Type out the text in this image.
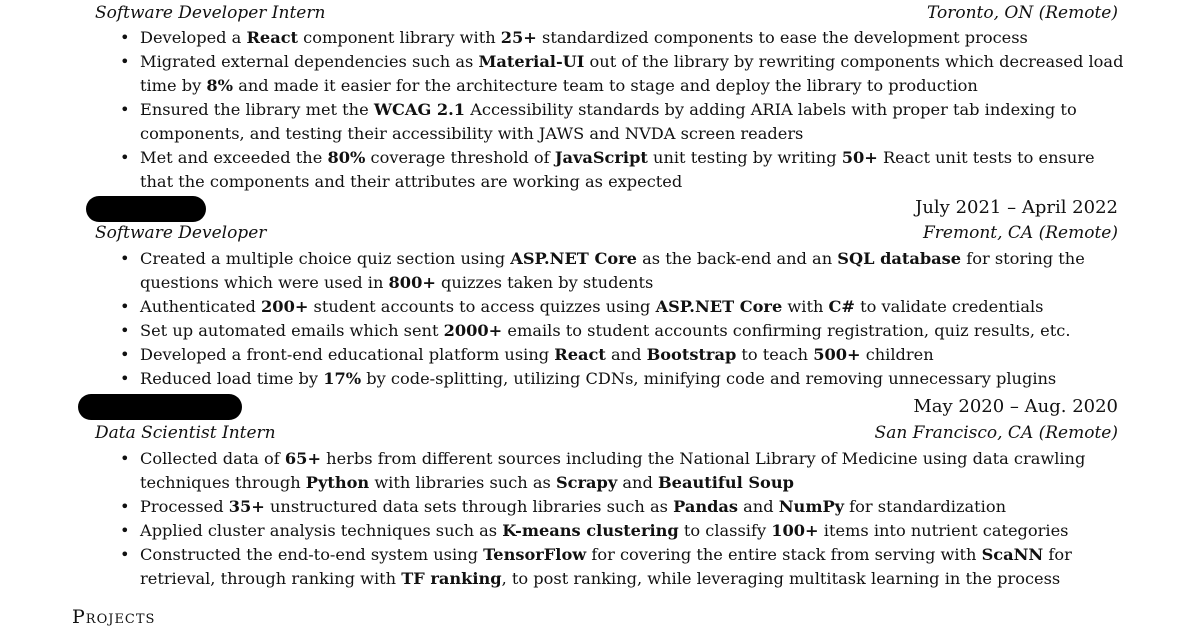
Software Developer Intern	Toronto, ON (Remote)
• Developed a React component library with 25+ standardized components to ease the development process
• Migrated external dependencies such as Material-UI out of the library by rewriting components which decreased load time by 8% and made it easier for the architecture team to stage and deploy the library to production
• Ensured the library met the WCAG 2.1 Accessibility standards by adding ARIA labels with proper tab indexing to components, and testing their accessibility with JAWS and NVDA screen readers
• Met and exceeded the 80% coverage threshold of JavaScript unit testing by writing 50+ React unit tests to ensure that the components and their attributes are working as expected
July 2021 – April 2022
Software Developer	Fremont, CA (Remote)
• Created a multiple choice quiz section using ASP.NET Core as the back-end and an SQL database for storing the questions which were used in 800+ quizzes taken by students
• Authenticated 200+ student accounts to access quizzes using ASP.NET Core with C# to validate credentials
• Set up automated emails which sent 2000+ emails to student accounts confirming registration, quiz results, etc.
• Developed a front-end educational platform using React and Bootstrap to teach 500+ children
• Reduced load time by 17% by code-splitting, utilizing CDNs, minifying code and removing unnecessary plugins
May 2020 – Aug. 2020
Data Scientist Intern	San Francisco, CA (Remote)
• Collected data of 65+ herbs from different sources including the National Library of Medicine using data crawling techniques through Python with libraries such as Scrapy and Beautiful Soup
• Processed 35+ unstructured data sets through libraries such as Pandas and NumPy for standardization
• Applied cluster analysis techniques such as K-means clustering to classify 100+ items into nutrient categories
• Constructed the end-to-end system using TensorFlow for covering the entire stack from serving with ScaNN for retrieval, through ranking with TF ranking, to post ranking, while leveraging multitask learning in the process
Projects
